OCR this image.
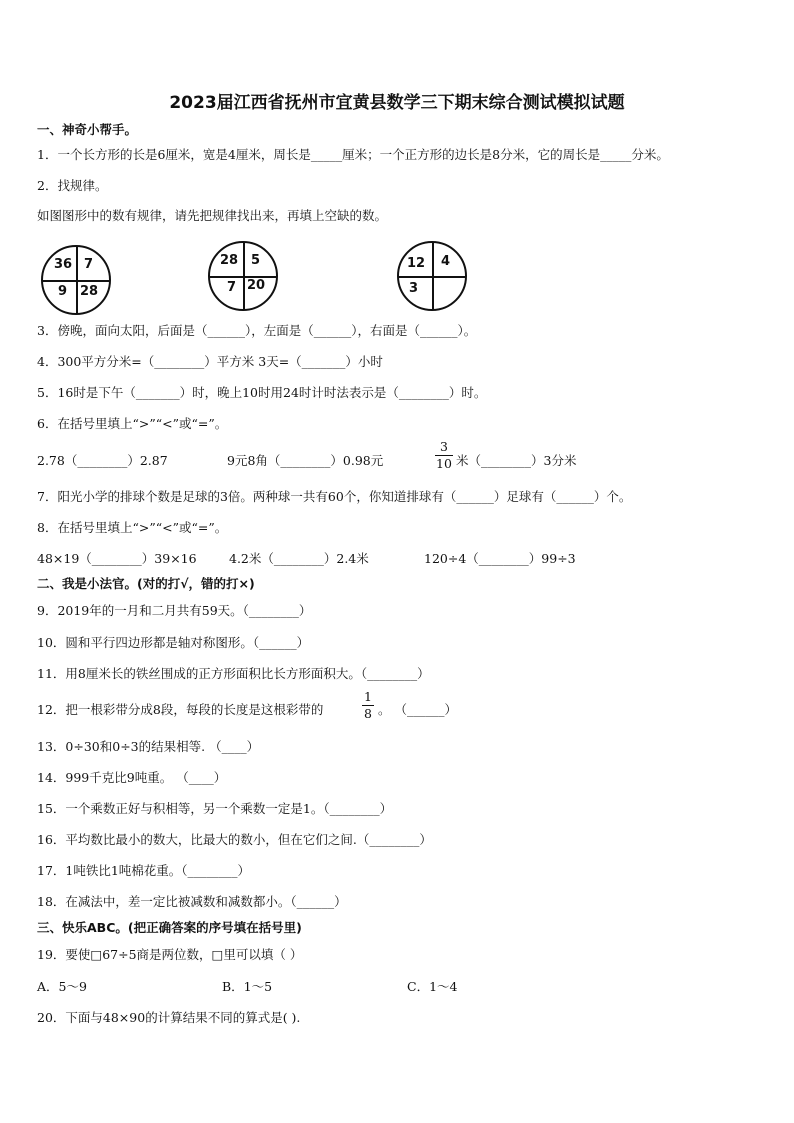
2023届江西省抚州市宜黄县数学三下期末综合测试模拟试题
一、神奇小帮手。
1．一个长方形的长是6厘米，宽是4厘米，周长是_____厘米；一个正方形的边长是8分米，它的周长是_____分米。
2．找规律。
如图图形中的数有规律，请先把规律找出来，再填上空缺的数。
36 7
9 28
28 5
7 20
12 4
3
3．傍晚，面向太阳，后面是（______），左面是（______），右面是（______）。
4．300平方分米=（________）平方米 3天=（_______）小时
5．16时是下午（_______）时，晚上10时用24时计时法表示是（________）时。
6．在括号里填上“>”“<”或“=”。
2.78（________）2.87	9元8角（________）0.98元
3
10 米（________）3分米
7．阳光小学的排球个数是足球的3倍。两种球一共有60个，你知道排球有（______）足球有（______）个。
8．在括号里填上“>”“<”或“=”。
48×19（________）39×16	4.2米（________）2.4米	120÷4（________）99÷3
二、我是小法官。(对的打√，错的打×)
9．2019年的一月和二月共有59天。（________）
10．圆和平行四边形都是轴对称图形。（______）
11．用8厘米长的铁丝围成的正方形面积比长方形面积大。（________）
12．把一根彩带分成8段，每段的长度是这根彩带的
1
8 。 （______）
13．0÷30和0÷3的结果相等. （____）
14．999千克比9吨重。 （____）
15．一个乘数正好与积相等，另一个乘数一定是1。（________）
16．平均数比最小的数大，比最大的数小，但在它们之间.（________）
17．1吨铁比1吨棉花重。（________）
18．在减法中，差一定比被减数和减数都小。（______）
三、快乐ABC。(把正确答案的序号填在括号里)
19．要使□67÷5商是两位数，□里可以填（ ）
A．5～9	B．1～5	C．1～4
20．下面与48×90的计算结果不同的算式是( ).
